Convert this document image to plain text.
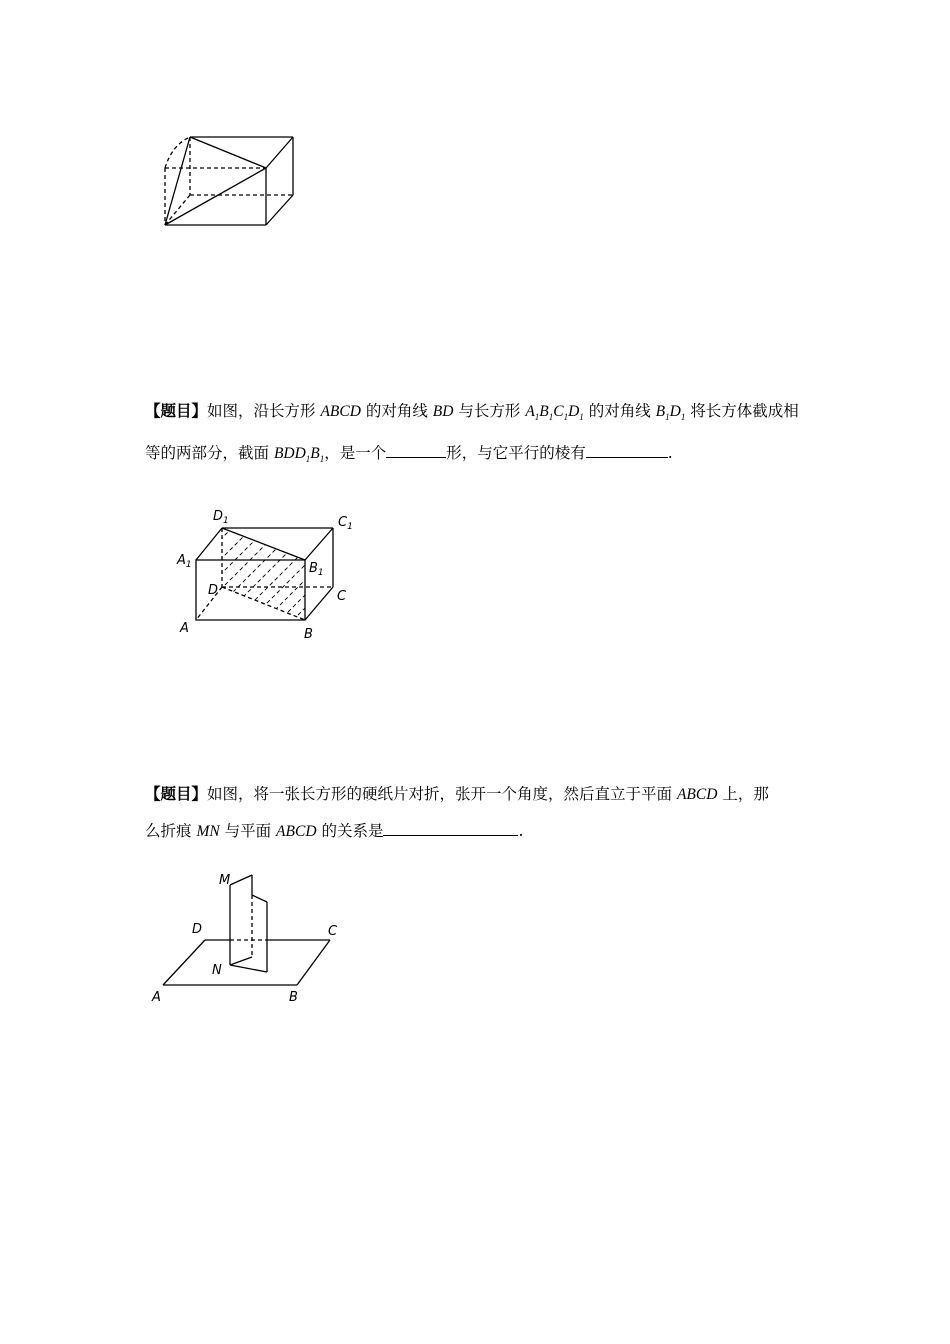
【题目】如图，沿长方形 ABCD 的对角线 BD 与长方形 $A_1B_1C_1D_1$ 的对角线 $B_1D_1$ 将长方体截成相

等的两部分，截面 $BDD_1B_1$，是一个	形，与它平行的棱有	.

$D_1$	$C_1$
$A_1$	$B_1$
D	C
A	B

【题目】如图，将一张长方形的硬纸片对折，张开一个角度，然后直立于平面 ABCD 上，那

么折痕 MN 与平面 ABCD 的关系是	.

M
N
D	C
A	B
